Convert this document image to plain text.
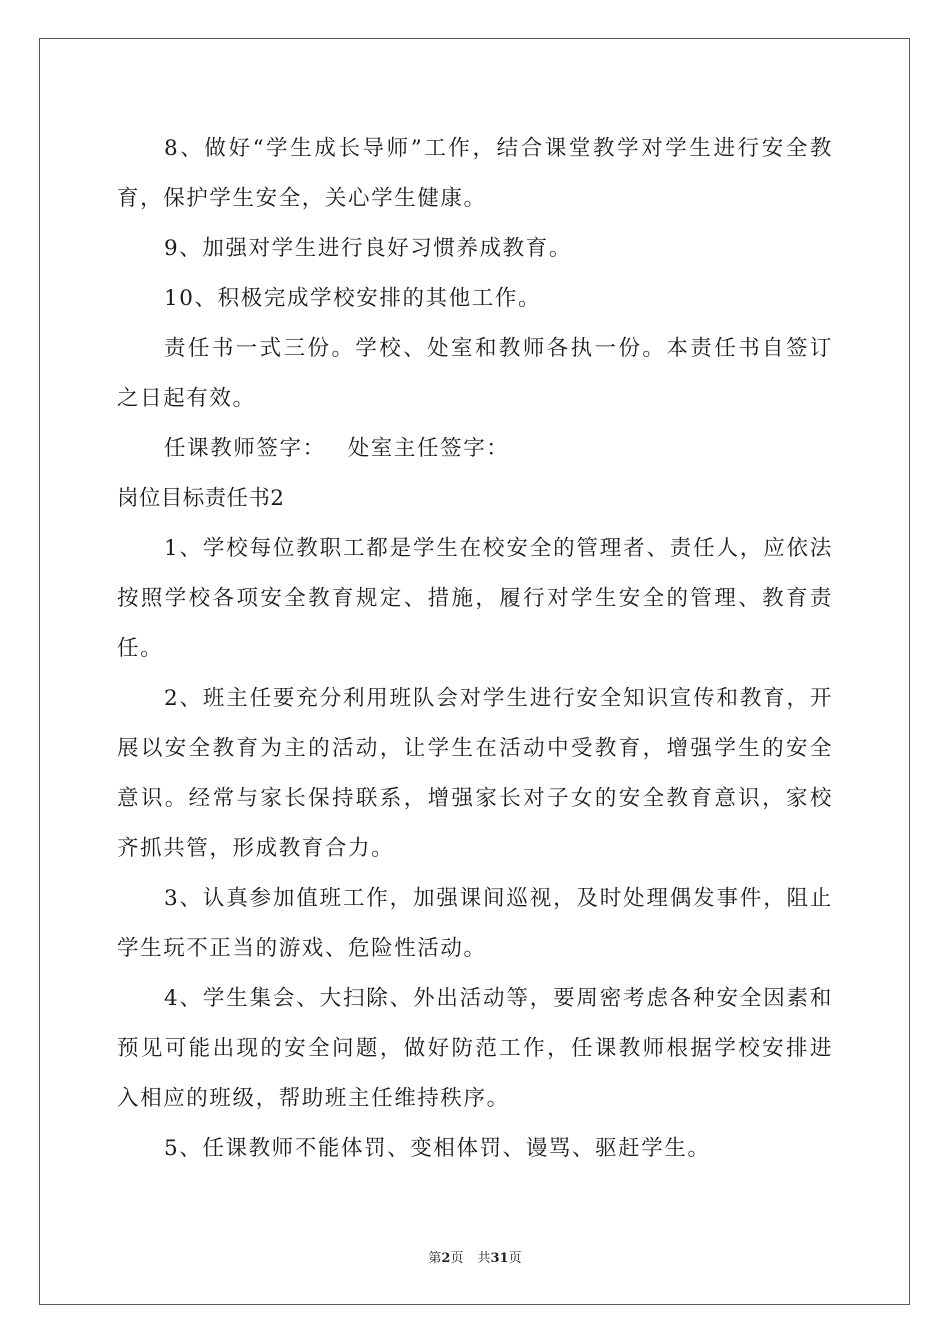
8、做好“学生成长导师”工作，结合课堂教学对学生进行安全教育，保护学生安全，关心学生健康。

9、加强对学生进行良好习惯养成教育。

10、积极完成学校安排的其他工作。

责任书一式三份。学校、处室和教师各执一份。本责任书自签订之日起有效。

任课教师签字： 处室主任签字：

岗位目标责任书2

1、学校每位教职工都是学生在校安全的管理者、责任人，应依法按照学校各项安全教育规定、措施，履行对学生安全的管理、教育责任。

2、班主任要充分利用班队会对学生进行安全知识宣传和教育，开展以安全教育为主的活动，让学生在活动中受教育，增强学生的安全意识。经常与家长保持联系，增强家长对子女的安全教育意识，家校齐抓共管，形成教育合力。

3、认真参加值班工作，加强课间巡视，及时处理偶发事件，阻止学生玩不正当的游戏、危险性活动。

4、学生集会、大扫除、外出活动等，要周密考虑各种安全因素和预见可能出现的安全问题，做好防范工作，任课教师根据学校安排进入相应的班级，帮助班主任维持秩序。

5、任课教师不能体罚、变相体罚、谩骂、驱赶学生。

第2页 共31页
